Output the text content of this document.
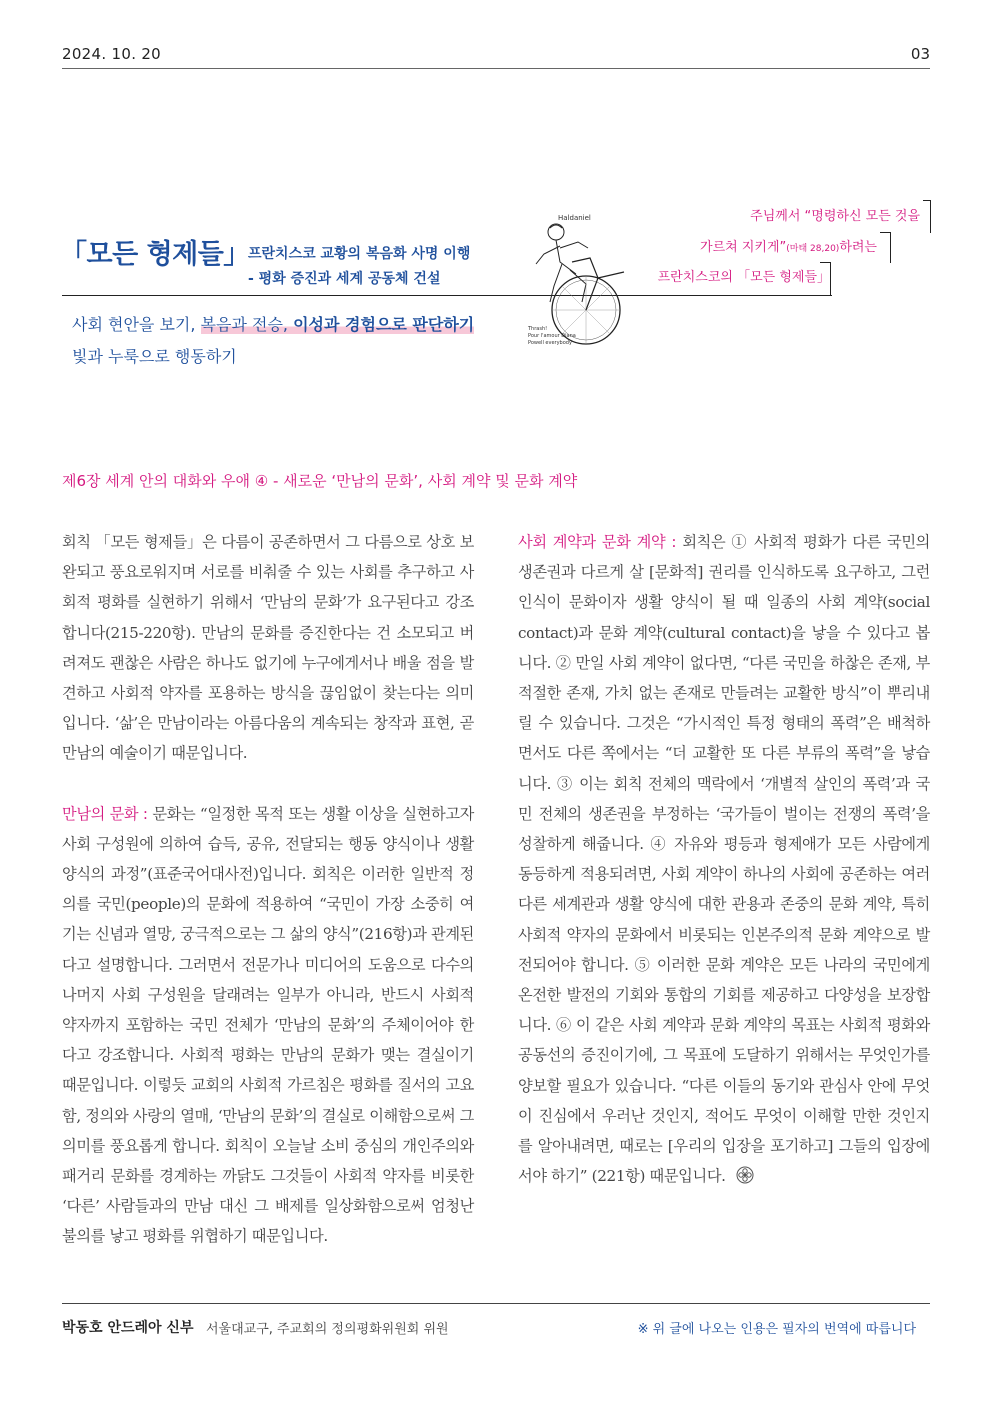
2024. 10. 20	03
「모든 형제들」
프란치스코 교황의 복음화 사명 이행
- 평화 증진과 세계 공동체 건설
주님께서 “명령하신 모든 것을
가르쳐 지키게”(마태 28,20)하려는
프란치스코의 「모든 형제들」
Haldaniel
Thrash!
Pour l'amour Diana
Powell everybody
사회 현안을 보기, 복음과 전승, 이성과 경험으로 판단하기
빛과 누룩으로 행동하기
제6장 세계 안의 대화와 우애 ④ - 새로운 ‘만남의 문화’, 사회 계약 및 문화 계약

회칙 「모든 형제들」은 다름이 공존하면서 그 다름으로 상호 보완되고 풍요로워지며 서로를 비춰줄 수 있는 사회를 추구하고 사회적 평화를 실현하기 위해서 ‘만남의 문화’가 요구된다고 강조합니다(215-220항). 만남의 문화를 증진한다는 건 소모되고 버려져도 괜찮은 사람은 하나도 없기에 누구에게서나 배울 점을 발견하고 사회적 약자를 포용하는 방식을 끊임없이 찾는다는 의미입니다. ‘삶’은 만남이라는 아름다움의 계속되는 창작과 표현, 곧 만남의 예술이기 때문입니다.

만남의 문화 : 문화는 “일정한 목적 또는 생활 이상을 실현하고자 사회 구성원에 의하여 습득, 공유, 전달되는 행동 양식이나 생활 양식의 과정”(표준국어대사전)입니다. 회칙은 이러한 일반적 정의를 국민(people)의 문화에 적용하여 “국민이 가장 소중히 여기는 신념과 열망, 궁극적으로는 그 삶의 양식”(216항)과 관계된다고 설명합니다. 그러면서 전문가나 미디어의 도움으로 다수의 나머지 사회 구성원을 달래려는 일부가 아니라, 반드시 사회적 약자까지 포함하는 국민 전체가 ‘만남의 문화’의 주체이어야 한다고 강조합니다. 사회적 평화는 만남의 문화가 맺는 결실이기 때문입니다. 이렇듯 교회의 사회적 가르침은 평화를 질서의 고요함, 정의와 사랑의 열매, ‘만남의 문화’의 결실로 이해함으로써 그 의미를 풍요롭게 합니다. 회칙이 오늘날 소비 중심의 개인주의와 패거리 문화를 경계하는 까닭도 그것들이 사회적 약자를 비롯한 ‘다른’ 사람들과의 만남 대신 그 배제를 일상화함으로써 엄청난 불의를 낳고 평화를 위협하기 때문입니다.

사회 계약과 문화 계약 : 회칙은 ① 사회적 평화가 다른 국민의 생존권과 다르게 살 [문화적] 권리를 인식하도록 요구하고, 그런 인식이 문화이자 생활 양식이 될 때 일종의 사회 계약(social contact)과 문화 계약(cultural contact)을 낳을 수 있다고 봅니다. ② 만일 사회 계약이 없다면, “다른 국민을 하찮은 존재, 부적절한 존재, 가치 없는 존재로 만들려는 교활한 방식”이 뿌리내릴 수 있습니다. 그것은 “가시적인 특정 형태의 폭력”은 배척하면서도 다른 쪽에서는 “더 교활한 또 다른 부류의 폭력”을 낳습니다. ③ 이는 회칙 전체의 맥락에서 ‘개별적 살인의 폭력’과 국민 전체의 생존권을 부정하는 ‘국가들이 벌이는 전쟁의 폭력’을 성찰하게 해줍니다. ④ 자유와 평등과 형제애가 모든 사람에게 동등하게 적용되려면, 사회 계약이 하나의 사회에 공존하는 여러 다른 세계관과 생활 양식에 대한 관용과 존중의 문화 계약, 특히 사회적 약자의 문화에서 비롯되는 인본주의적 문화 계약으로 발전되어야 합니다. ⑤ 이러한 문화 계약은 모든 나라의 국민에게 온전한 발전의 기회와 통합의 기회를 제공하고 다양성을 보장합니다. ⑥ 이 같은 사회 계약과 문화 계약의 목표는 사회적 평화와 공동선의 증진이기에, 그 목표에 도달하기 위해서는 무엇인가를 양보할 필요가 있습니다. “다른 이들의 동기와 관심사 안에 무엇이 진심에서 우러난 것인지, 적어도 무엇이 이해할 만한 것인지를 알아내려면, 때로는 [우리의 입장을 포기하고] 그들의 입장에 서야 하기” (221항) 때문입니다.

박동호 안드레아 신부 서울대교구, 주교회의 정의평화위원회 위원	※ 위 글에 나오는 인용은 필자의 번역에 따릅니다
